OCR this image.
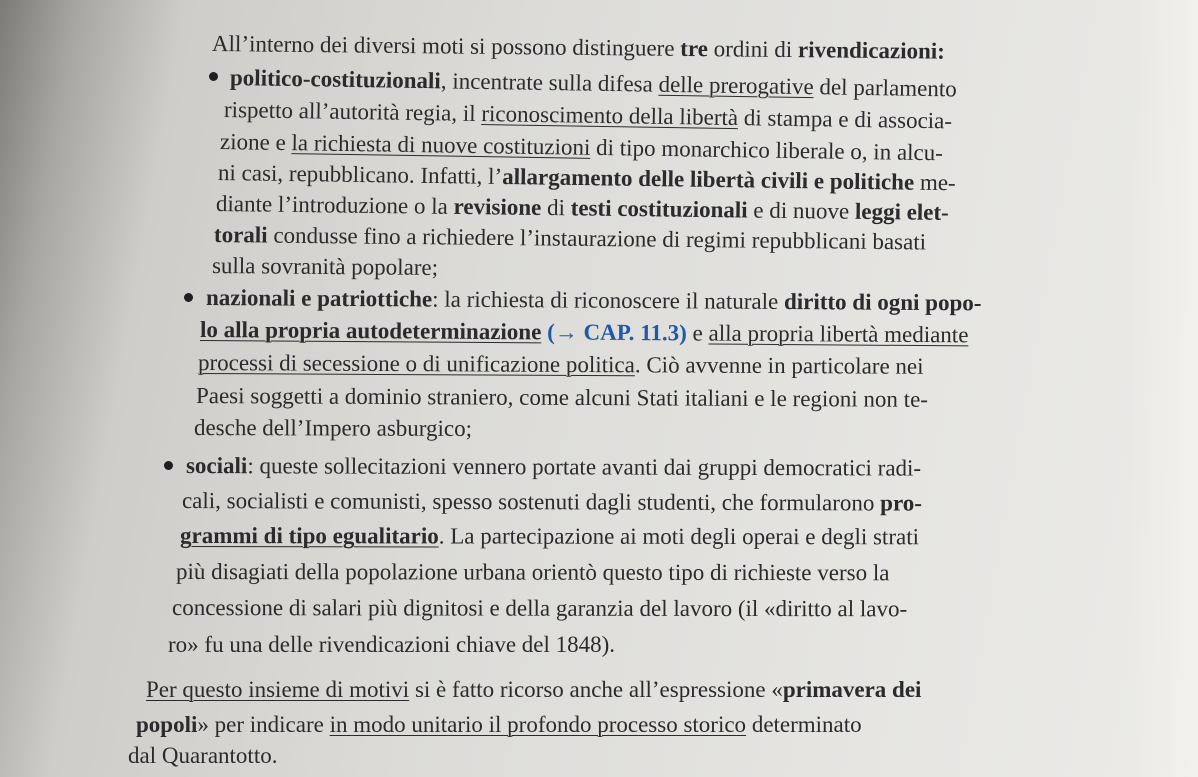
All’interno dei diversi moti si possono distinguere tre ordini di rivendicazioni:
politico-costituzionali, incentrate sulla difesa delle prerogative del parlamento
rispetto all’autorità regia, il riconoscimento della libertà di stampa e di associa-
zione e la richiesta di nuove costituzioni di tipo monarchico liberale o, in alcu-
ni casi, repubblicano. Infatti, l’allargamento delle libertà civili e politiche me-
diante l’introduzione o la revisione di testi costituzionali e di nuove leggi elet-
torali condusse fino a richiedere l’instaurazione di regimi repubblicani basati
sulla sovranità popolare;
nazionali e patriottiche: la richiesta di riconoscere il naturale diritto di ogni popo-
lo alla propria autodeterminazione (→ CAP. 11.3) e alla propria libertà mediante
processi di secessione o di unificazione politica. Ciò avvenne in particolare nei
Paesi soggetti a dominio straniero, come alcuni Stati italiani e le regioni non te-
desche dell’Impero asburgico;
sociali: queste sollecitazioni vennero portate avanti dai gruppi democratici radi-
cali, socialisti e comunisti, spesso sostenuti dagli studenti, che formularono pro-
grammi di tipo egualitario. La partecipazione ai moti degli operai e degli strati
più disagiati della popolazione urbana orientò questo tipo di richieste verso la
concessione di salari più dignitosi e della garanzia del lavoro (il «diritto al lavo-
ro» fu una delle rivendicazioni chiave del 1848).
Per questo insieme di motivi si è fatto ricorso anche all’espressione «primavera dei
popoli» per indicare in modo unitario il profondo processo storico determinato
dal Quarantotto.
